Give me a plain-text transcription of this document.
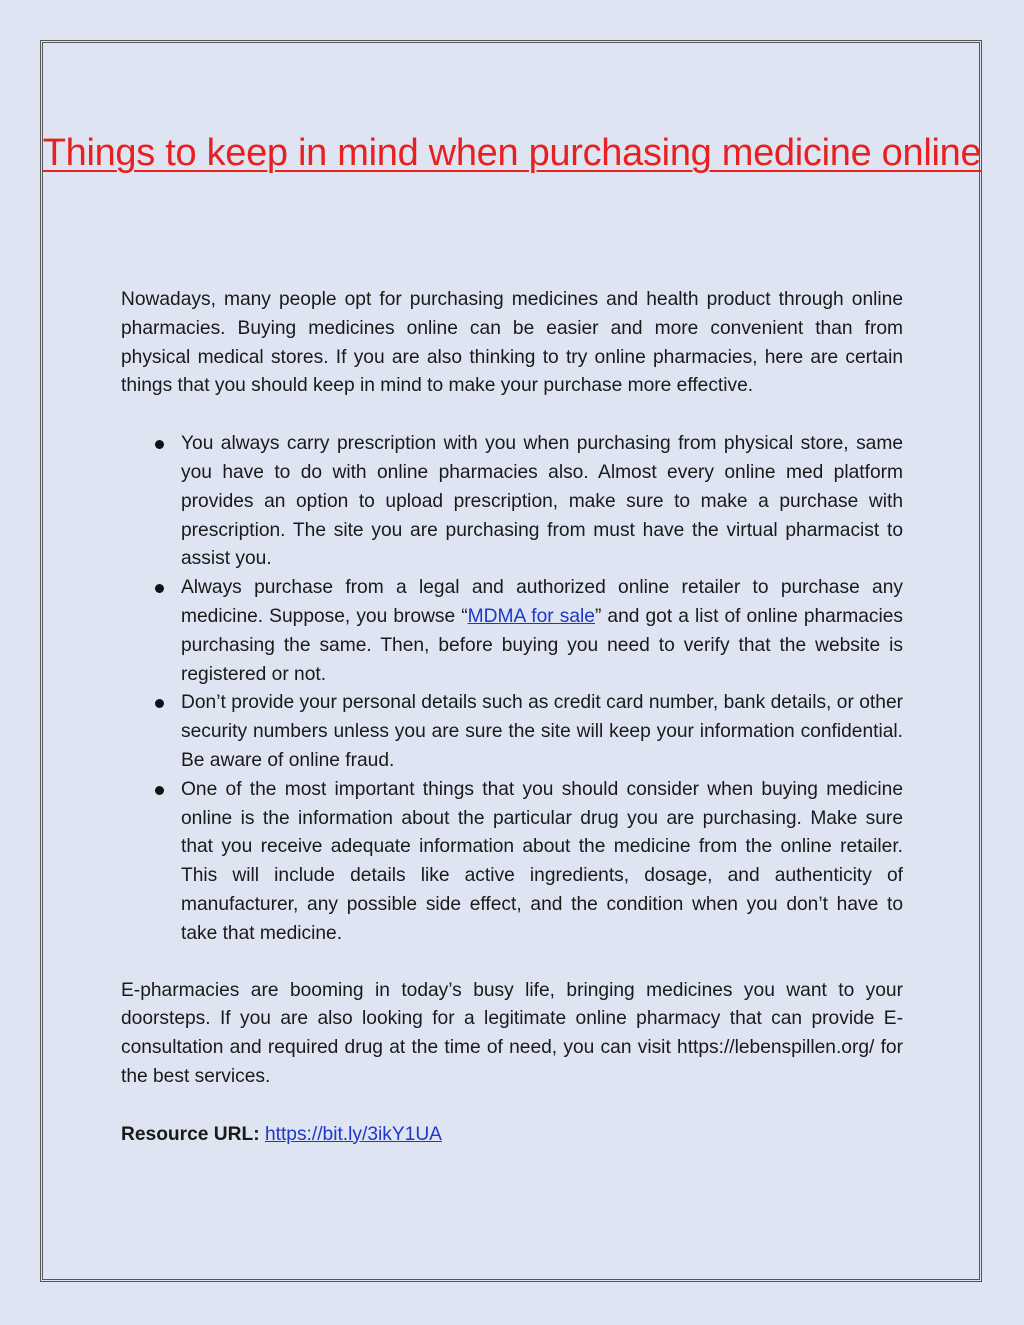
Things to keep in mind when purchasing medicine online

Nowadays, many people opt for purchasing medicines and health product through online pharmacies. Buying medicines online can be easier and more convenient than from physical medical stores. If you are also thinking to try online pharmacies, here are certain things that you should keep in mind to make your purchase more effective.

You always carry prescription with you when purchasing from physical store, same you have to do with online pharmacies also. Almost every online med platform provides an option to upload prescription, make sure to make a purchase with prescription. The site you are purchasing from must have the virtual pharmacist to assist you.
Always purchase from a legal and authorized online retailer to purchase any medicine. Suppose, you browse “MDMA for sale” and got a list of online pharmacies purchasing the same. Then, before buying you need to verify that the website is registered or not.
Don’t provide your personal details such as credit card number, bank details, or other security numbers unless you are sure the site will keep your information confidential. Be aware of online fraud.
One of the most important things that you should consider when buying medicine online is the information about the particular drug you are purchasing. Make sure that you receive adequate information about the medicine from the online retailer. This will include details like active ingredients, dosage, and authenticity of manufacturer, any possible side effect, and the condition when you don’t have to take that medicine.

E-pharmacies are booming in today’s busy life, bringing medicines you want to your doorsteps. If you are also looking for a legitimate online pharmacy that can provide E-consultation and required drug at the time of need, you can visit https://lebenspillen.org/ for the best services.

Resource URL: https://bit.ly/3ikY1UA
